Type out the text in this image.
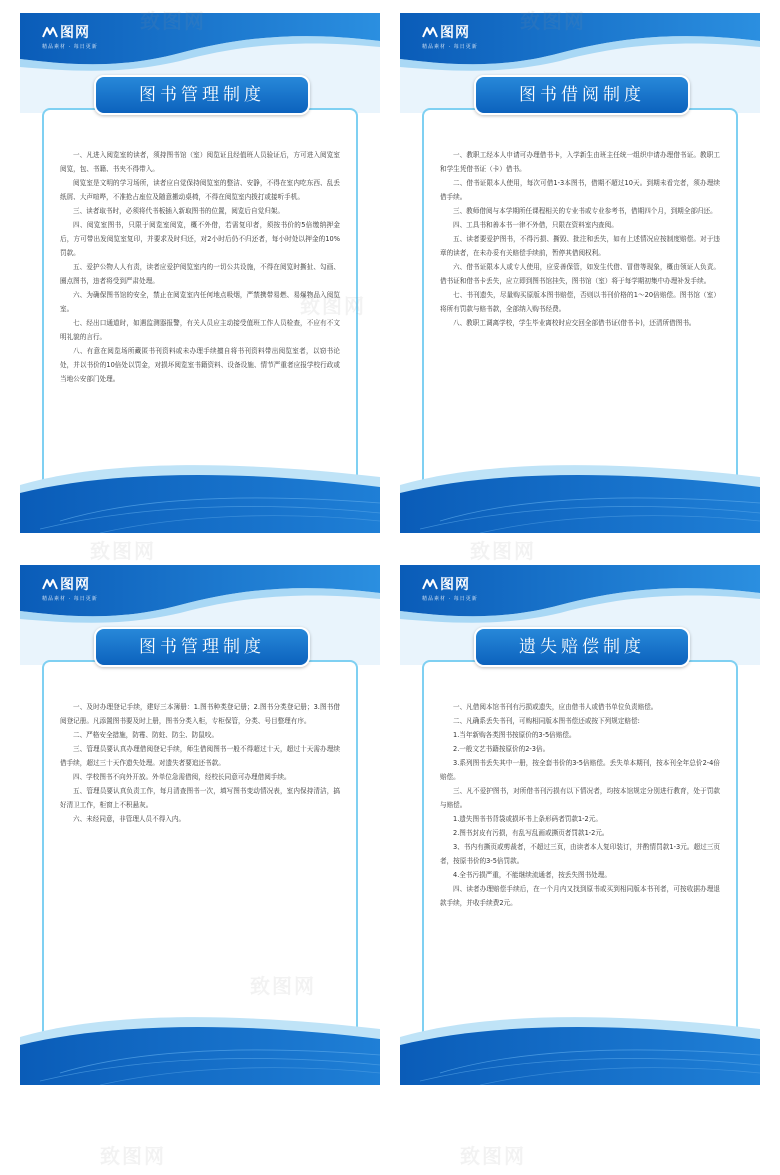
图网
精品素材 · 每日更新
图书管理制度

一、凡进入阅览室的读者，须持图书馆（室）阅览证且经值班人员验证后，方可进入阅览室阅览，包、书籍、书夹不得带入。

阅览室是文明的学习场所，读者应自觉保持阅览室的整洁、安静，不得在室内吃东西、乱丢纸屑、大声喧哗，不准抢占座位及随意搬动桌椅，不得在阅览室内拨打或接听手机。

三、读者取书时，必须将代书板插入新取图书的位置，阅览后自觉归架。

四、阅览室图书，只限于阅览室阅览，概不外借，若需复印者，须按书价的5倍缴纳押金后，方可带出发阅览室复印，并要求及时归还，对2小时后仍不归还者，每小时处以押金的10%罚款。

五、爱护公物人人有责，读者应爱护阅览室内的一切公共设施，不得在阅览时撕扯、勾画、圈点图书，违者将受到严肃处理。

六、为确保图书馆的安全，禁止在阅览室内任何地点吸烟，严禁携带易燃、易爆物品入阅览室。

七、经出口通道时，如遇监测器报警，有关人员应主动接受值班工作人员检查，不应有不文明礼貌的言行。

八、有意在阅览场所藏匿书刊资料或未办理手续擅自将书刊资料带出阅览室者，以窃书论处，并以书价的10倍处以罚金，对损坏阅览室书籍资料、设备设施、情节严重者应报学校行政或当地公安部门处理。

图网
精品素材 · 每日更新
图书借阅制度

一、教职工经本人申请可办理借书卡，入学新生由班主任统一组织申请办理借书证。教职工和学生凭借书证（卡）借书。

二、借书证限本人使用，每次可借1-3本图书，借期不超过10天。到期未看完者，须办理续借手续。

三、教师借阅与本学期所任课程相关的专业书或专业参考书，借期四个月，到期全部归还。

四、工具书和善本书一律不外借，只限在资料室内查阅。

五、读者要爱护图书，不得污损、撕毁、批注和丢失，如有上述情况应按制度赔偿。对于违章的读者，在未办妥有关赔偿手续前，暂停其借阅权利。

六、借书证限本人或专人使用，应妥善保管，如发生代借、冒借等现象，概由领证人负责。借书证和借书卡丢失，应立即到图书馆挂失，图书馆（室）将于每学期初集中办理补发手续。

七、书刊遗失，尽量购买原版本图书赔偿，否则以书刊价格的1～20倍赔偿。图书馆（室）将所有罚款与赔书款，全部纳入购书经费。

八、教职工调离学校，学生毕业离校时应交回全部借书证(借书卡)，还清所借图书。

图网
精品素材 · 每日更新
图书管理制度

一、及时办理登记手续，建好三本簿册：1.图书种类登记册；2.图书分类登记册；3.图书借阅登记册。凡添置图书要及时上册，图书分类入柜，专柜保管，分类、号目整理有序。

二、严格安全措施，防霉、防蛀、防尘、防鼠咬。

三、管理员要认真办理借阅登记手续，师生借阅图书一般不得超过十天，超过十天需办理续借手续，超过三十天作遗失处理。对遗失者要追还书款。

四、学校图书不向外开放。外单位急需借阅，经校长同意可办理借阅手续。

五、管理员要认真负责工作，每月清查图书一次，填写图书变动情况表，室内保持清洁，搞好清卫工作，柜窗上不积悬灰。

六、未经同意，非管理人员不得入内。

图网
精品素材 · 每日更新
遗失赔偿制度

一、凡借阅本馆书刊有污损或遗失，应由借书人或借书单位负责赔偿。

二、凡确系丢失书刊，可购相同版本图书偿还或按下列规定赔偿:

1.当年新购各类图书按原价的3-5倍赔偿。

2.一般文艺书籍按原价的2-3倍。

3.系列图书丢失其中一册，按全套书价的3-5倍赔偿。丢失单本期刊，按本刊全年总价2-4倍赔偿。

三、凡不爱护图书，对所借书刊污损有以下情况者，均按本馆规定分别进行教育，处于罚款与赔偿。

1.遗失图书书背袋或损坏书上条形码者罚款1-2元。

2.图书封皮有污损，有乱写乱画或撕页者罚款1-2元。

3、书内有撕页或剪裁者，不超过三页，由读者本人复印装订，并酌情罚款1-3元。超过三页者，按原书价的3-5倍罚款。

4.全书污损严重，不能继续流通者，按丢失图书处理。

四、读者办理赔偿手续后，在一个月内又找到原书或买到相同版本书刊者，可按收据办理退款手续，并收手续费2元。

致图网	致图网
致图网
致图网
致图网
致图网
致图网
致图网
